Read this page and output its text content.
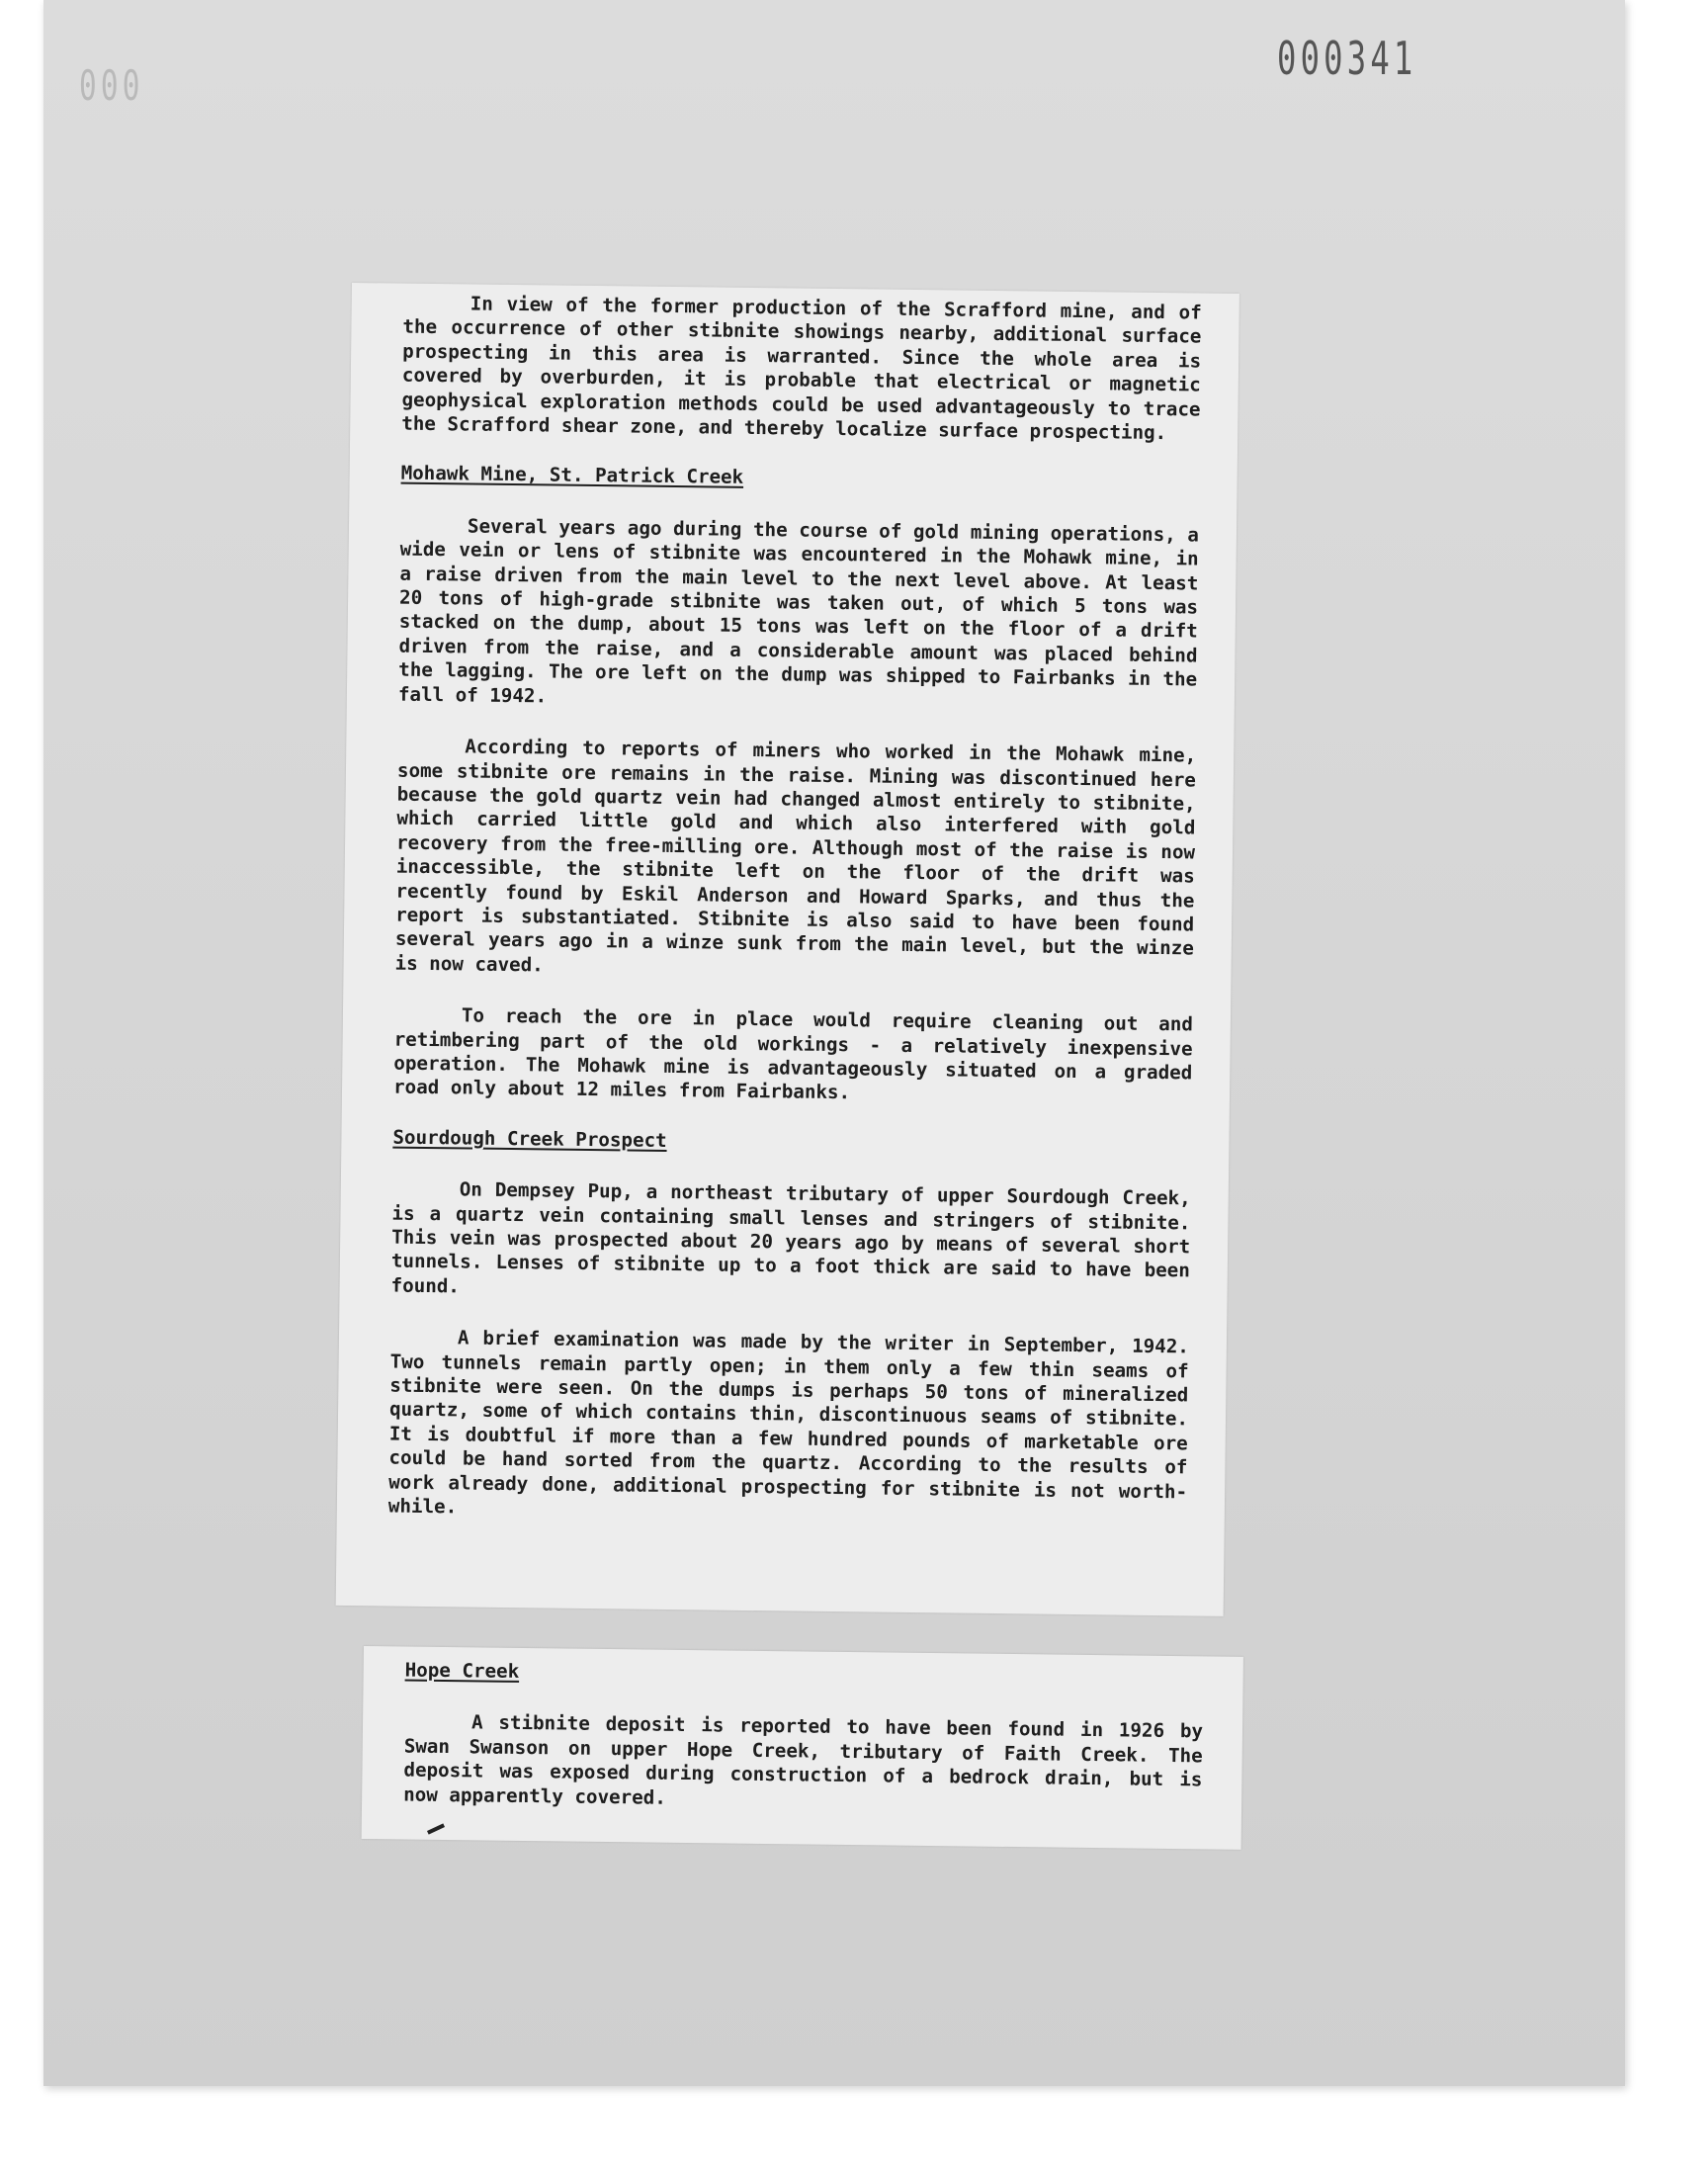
000
000341

In view of the former production of the Scrafford mine, and of the occurrence of other stibnite showings nearby, additional surface prospecting in this area is warranted. Since the whole area is covered by overburden, it is probable that electrical or magnetic geophysical exploration methods could be used advantageously to trace the Scrafford shear zone, and thereby localize surface prospecting.

Mohawk Mine, St. Patrick Creek

Several years ago during the course of gold mining operations, a wide vein or lens of stibnite was encountered in the Mohawk mine, in a raise driven from the main level to the next level above. At least 20 tons of high-grade stibnite was taken out, of which 5 tons was stacked on the dump, about 15 tons was left on the floor of a drift driven from the raise, and a considerable amount was placed behind the lagging. The ore left on the dump was shipped to Fairbanks in the fall of 1942.

According to reports of miners who worked in the Mohawk mine, some stibnite ore remains in the raise. Mining was discontinued here because the gold quartz vein had changed almost entirely to stibnite, which carried little gold and which also interfered with gold recovery from the free-milling ore. Although most of the raise is now inaccessible, the stibnite left on the floor of the drift was recently found by Eskil Anderson and Howard Sparks, and thus the report is substantiated. Stibnite is also said to have been found several years ago in a winze sunk from the main level, but the winze is now caved.

To reach the ore in place would require cleaning out and retimbering part of the old workings - a relatively inexpensive operation. The Mohawk mine is advantageously situated on a graded road only about 12 miles from Fairbanks.

Sourdough Creek Prospect

On Dempsey Pup, a northeast tributary of upper Sourdough Creek, is a quartz vein containing small lenses and stringers of stibnite. This vein was prospected about 20 years ago by means of several short tunnels. Lenses of stibnite up to a foot thick are said to have been found.

A brief examination was made by the writer in September, 1942. Two tunnels remain partly open; in them only a few thin seams of stibnite were seen. On the dumps is perhaps 50 tons of mineralized quartz, some of which contains thin, discontinuous seams of stibnite. It is doubtful if more than a few hundred pounds of marketable ore could be hand sorted from the quartz. According to the results of work already done, additional prospecting for stibnite is not worth-while.

Hope Creek

A stibnite deposit is reported to have been found in 1926 by Swan Swanson on upper Hope Creek, tributary of Faith Creek. The deposit was exposed during construction of a bedrock drain, but is now apparently covered.
